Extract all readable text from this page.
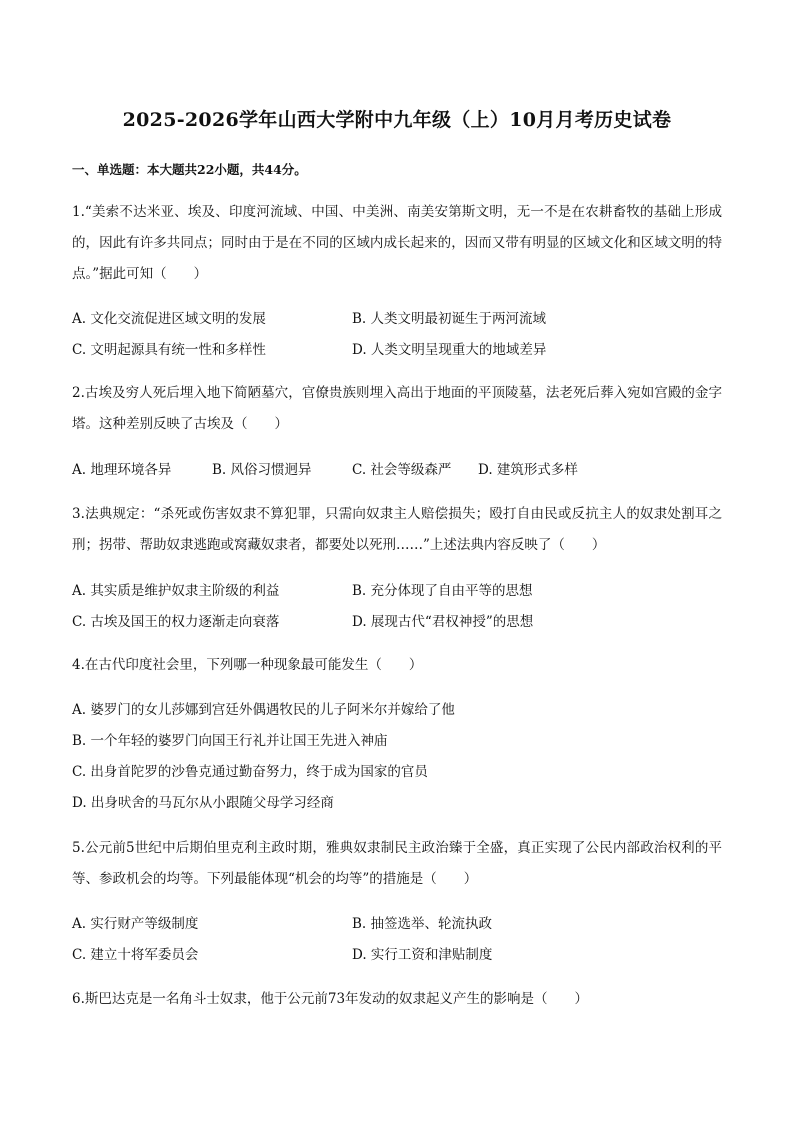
2025-2026学年山西大学附中九年级（上）10月月考历史试卷
一、单选题：本大题共22小题，共44分。
1.“美索不达米亚、埃及、印度河流域、中国、中美洲、南美安第斯文明，无一不是在农耕畜牧的基础上形成的，因此有许多共同点；同时由于是在不同的区域内成长起来的，因而又带有明显的区域文化和区域文明的特点。”据此可知（　　）
A. 文化交流促进区域文明的发展	B. 人类文明最初诞生于两河流域
C. 文明起源具有统一性和多样性	D. 人类文明呈现重大的地域差异
2.古埃及穷人死后埋入地下简陋墓穴，官僚贵族则埋入高出于地面的平顶陵墓，法老死后葬入宛如宫殿的金字塔。这种差别反映了古埃及（　　）
A. 地理环境各异	B. 风俗习惯迥异	C. 社会等级森严 D. 建筑形式多样
3.法典规定：“杀死或伤害奴隶不算犯罪，只需向奴隶主人赔偿损失；殴打自由民或反抗主人的奴隶处割耳之刑；拐带、帮助奴隶逃跑或窝藏奴隶者，都要处以死刑……”上述法典内容反映了（　　）
A. 其实质是维护奴隶主阶级的利益	B. 充分体现了自由平等的思想
C. 古埃及国王的权力逐渐走向衰落	D. 展现古代“君权神授”的思想
4.在古代印度社会里，下列哪一种现象最可能发生（　　）
A. 婆罗门的女儿莎娜到宫廷外偶遇牧民的儿子阿米尔并嫁给了他
B. 一个年轻的婆罗门向国王行礼并让国王先进入神庙
C. 出身首陀罗的沙鲁克通过勤奋努力，终于成为国家的官员
D. 出身吠舍的马瓦尔从小跟随父母学习经商
5.公元前5世纪中后期伯里克利主政时期，雅典奴隶制民主政治臻于全盛，真正实现了公民内部政治权利的平等、参政机会的均等。下列最能体现“机会的均等”的措施是（　　）
A. 实行财产等级制度	B. 抽签选举、轮流执政
C. 建立十将军委员会	D. 实行工资和津贴制度
6.斯巴达克是一名角斗士奴隶，他于公元前73年发动的奴隶起义产生的影响是（　　）
